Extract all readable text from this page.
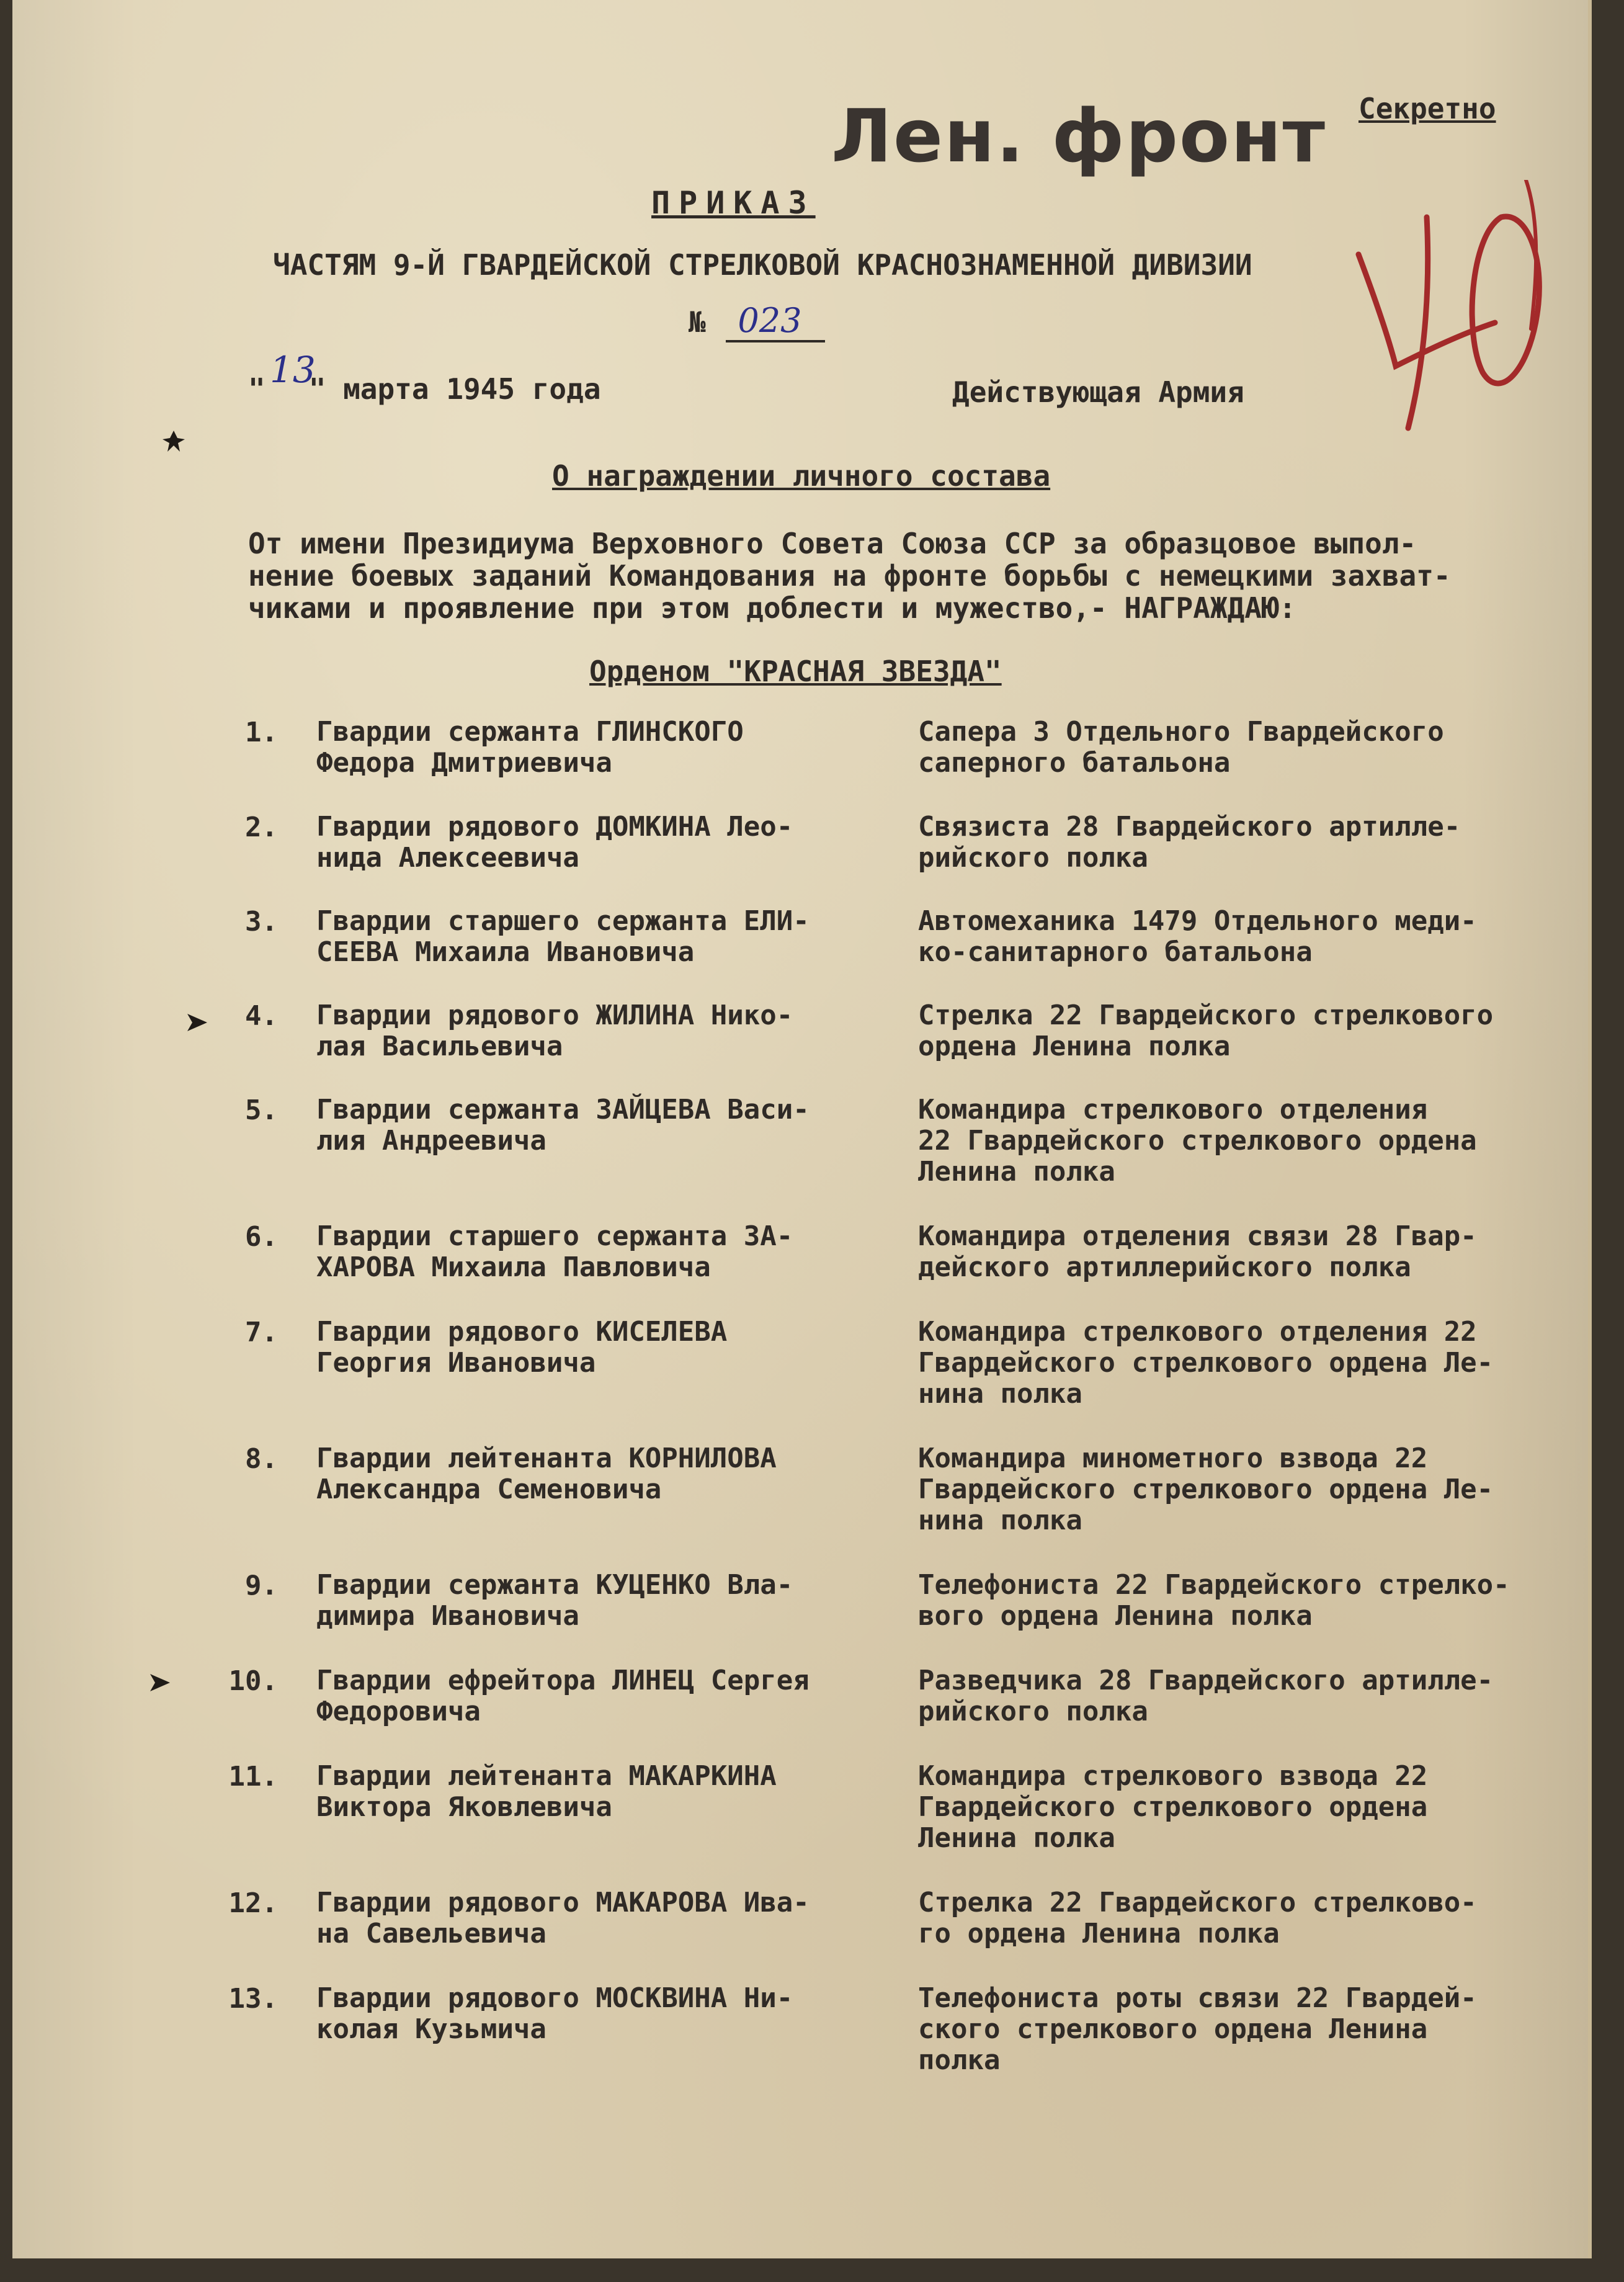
Лен. фронт Секретно
ПРИКАЗ
ЧАСТЯМ 9-Й ГВАРДЕЙСКОЙ СТРЕЛКОВОЙ КРАСНОЗНАМЕННОЙ ДИВИЗИИ
№ 023
" " марта 1945 года
13
Действующая Армия
О награждении личного состава
От имени Президиума Верховного Совета Союза ССР за образцовое выпол-
нение боевых заданий Командования на фронте борьбы с немецкими захват-
чиками и проявление при этом доблести и мужество,- НАГРАЖДАЮ:
Орденом "КРАСНАЯ ЗВЕЗДА"
1. Гвардии сержанта ГЛИНСКОГО
Федора Дмитриевича
Сапера 3 Отдельного Гвардейского
саперного батальона
2. Гвардии рядового ДОМКИНА Лео-
нида Алексеевича
Связиста 28 Гвардейского артилле-
рийского полка
3. Гвардии старшего сержанта ЕЛИ-
СЕЕВА Михаила Ивановича
Автомеханика 1479 Отдельного меди-
ко-санитарного батальона
4. Гвардии рядового ЖИЛИНА Нико-
лая Васильевича
Стрелка 22 Гвардейского стрелкового
ордена Ленина полка
5. Гвардии сержанта ЗАЙЦЕВА Васи-
лия Андреевича
Командира стрелкового отделения
22 Гвардейского стрелкового ордена
Ленина полка
6. Гвардии старшего сержанта ЗА-
ХАРОВА Михаила Павловича
Командира отделения связи 28 Гвар-
дейского артиллерийского полка
7. Гвардии рядового КИСЕЛЕВА
Георгия Ивановича
Командира стрелкового отделения 22
Гвардейского стрелкового ордена Ле-
нина полка
8. Гвардии лейтенанта КОРНИЛОВА
Александра Семеновича
Командира минометного взвода 22
Гвардейского стрелкового ордена Ле-
нина полка
9. Гвардии сержанта КУЦЕНКО Вла-
димира Ивановича
Телефониста 22 Гвардейского стрелко-
вого ордена Ленина полка
10. Гвардии ефрейтора ЛИНЕЦ Сергея
Федоровича
Разведчика 28 Гвардейского артилле-
рийского полка
11. Гвардии лейтенанта МАКАРКИНА
Виктора Яковлевича
Командира стрелкового взвода 22
Гвардейского стрелкового ордена
Ленина полка
12. Гвардии рядового МАКАРОВА Ива-
на Савельевича
Стрелка 22 Гвардейского стрелково-
го ордена Ленина полка
13. Гвардии рядового МОСКВИНА Ни-
колая Кузьмича
Телефониста роты связи 22 Гвардей-
ского стрелкового ордена Ленина
полка
